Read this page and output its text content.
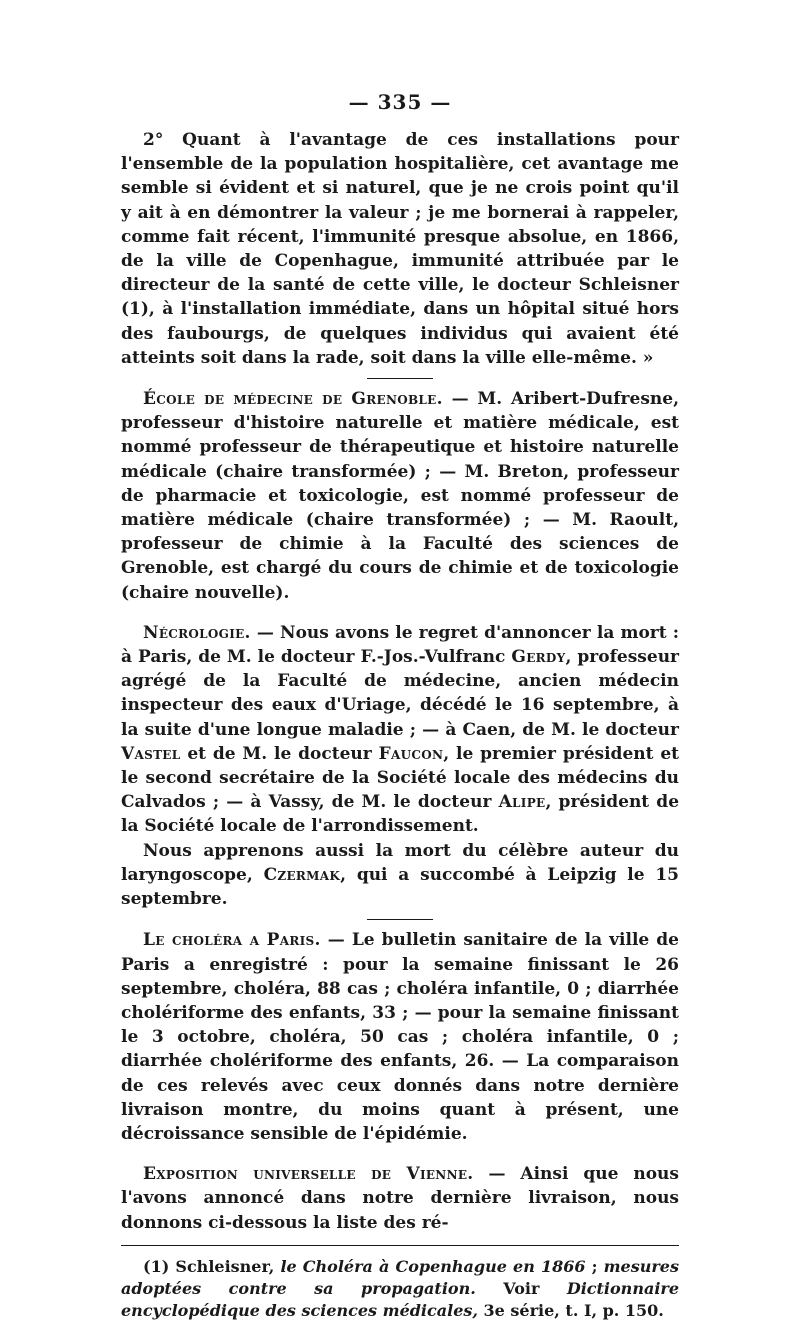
— 335 —

2° Quant à l'avantage de ces installations pour l'ensemble de la population hospitalière, cet avantage me semble si évident et si naturel, que je ne crois point qu'il y ait à en démontrer la valeur ; je me bornerai à rappeler, comme fait récent, l'immunité presque absolue, en 1866, de la ville de Copenhague, immunité attribuée par le directeur de la santé de cette ville, le docteur Schleisner (1), à l'installation immédiate, dans un hôpital situé hors des faubourgs, de quelques individus qui avaient été atteints soit dans la rade, soit dans la ville elle-même. »

École de médecine de Grenoble. — M. Aribert-Dufresne, professeur d'histoire naturelle et matière médicale, est nommé professeur de thérapeutique et histoire naturelle médicale (chaire transformée) ; — M. Breton, professeur de pharmacie et toxicologie, est nommé professeur de matière médicale (chaire transformée) ; — M. Raoult, professeur de chimie à la Faculté des sciences de Grenoble, est chargé du cours de chimie et de toxicologie (chaire nouvelle).

Nécrologie. — Nous avons le regret d'annoncer la mort : à Paris, de M. le docteur F.-Jos.-Vulfranc Gerdy, professeur agrégé de la Faculté de médecine, ancien médecin inspecteur des eaux d'Uriage, décédé le 16 septembre, à la suite d'une longue maladie ; — à Caen, de M. le docteur Vastel et de M. le docteur Faucon, le premier président et le second secrétaire de la Société locale des médecins du Calvados ; — à Vassy, de M. le docteur Alipe, président de la Société locale de l'arrondissement.

Nous apprenons aussi la mort du célèbre auteur du laryngoscope, Czermak, qui a succombé à Leipzig le 15 septembre.

Le choléra a Paris. — Le bulletin sanitaire de la ville de Paris a enregistré : pour la semaine finissant le 26 septembre, choléra, 88 cas ; choléra infantile, 0 ; diarrhée cholériforme des enfants, 33 ; — pour la semaine finissant le 3 octobre, choléra, 50 cas ; choléra infantile, 0 ; diarrhée cholériforme des enfants, 26. — La comparaison de ces relevés avec ceux donnés dans notre dernière livraison montre, du moins quant à présent, une décroissance sensible de l'épidémie.

Exposition universelle de Vienne. — Ainsi que nous l'avons annoncé dans notre dernière livraison, nous donnons ci-dessous la liste des ré-

(1) Schleisner, le Choléra à Copenhague en 1866 ; mesures adoptées contre sa propagation. Voir Dictionnaire encyclopédique des sciences médicales, 3e série, t. I, p. 150.
